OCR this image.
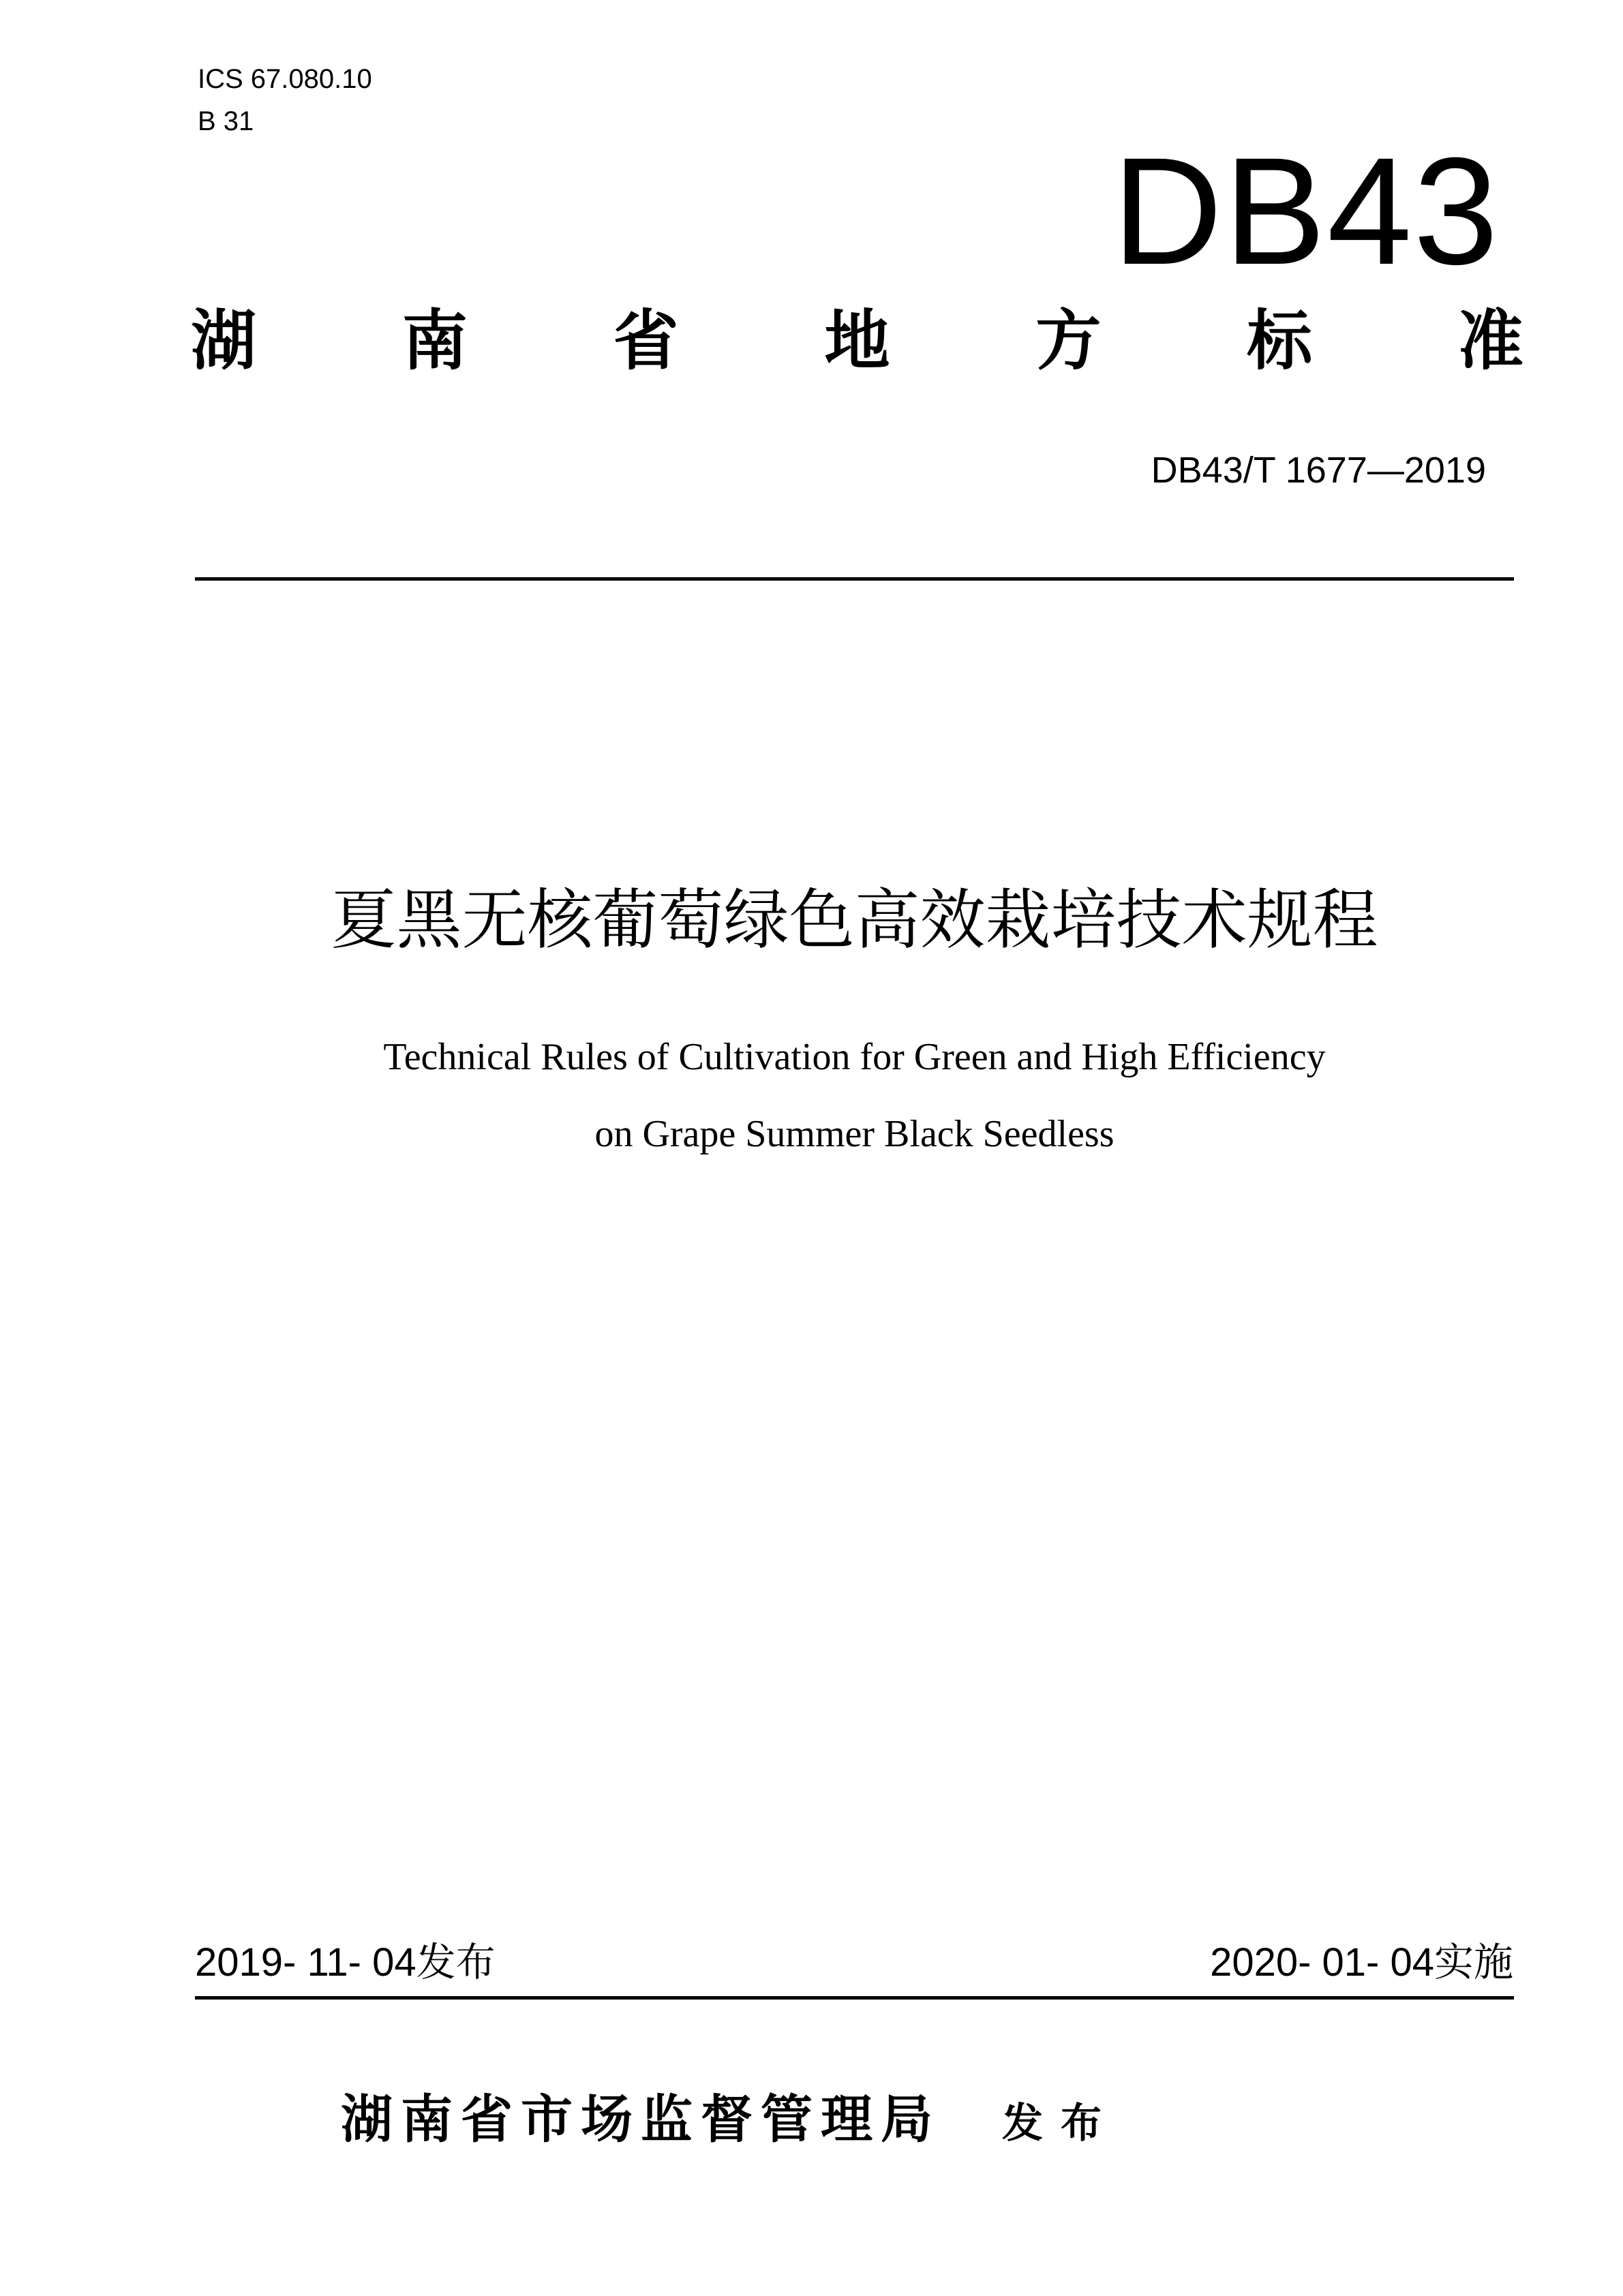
ICS 67.080.10
B 31
DB43
湖 南 省 地 方 标 准
DB43/T 1677—2019
夏黑无核葡萄绿色高效栽培技术规程
Technical Rules of Cultivation for Green and High Efficiency
on Grape Summer Black Seedless
2019- 11- 04发布	2020- 01- 04实施
湖南省市场监督管理局 发布
